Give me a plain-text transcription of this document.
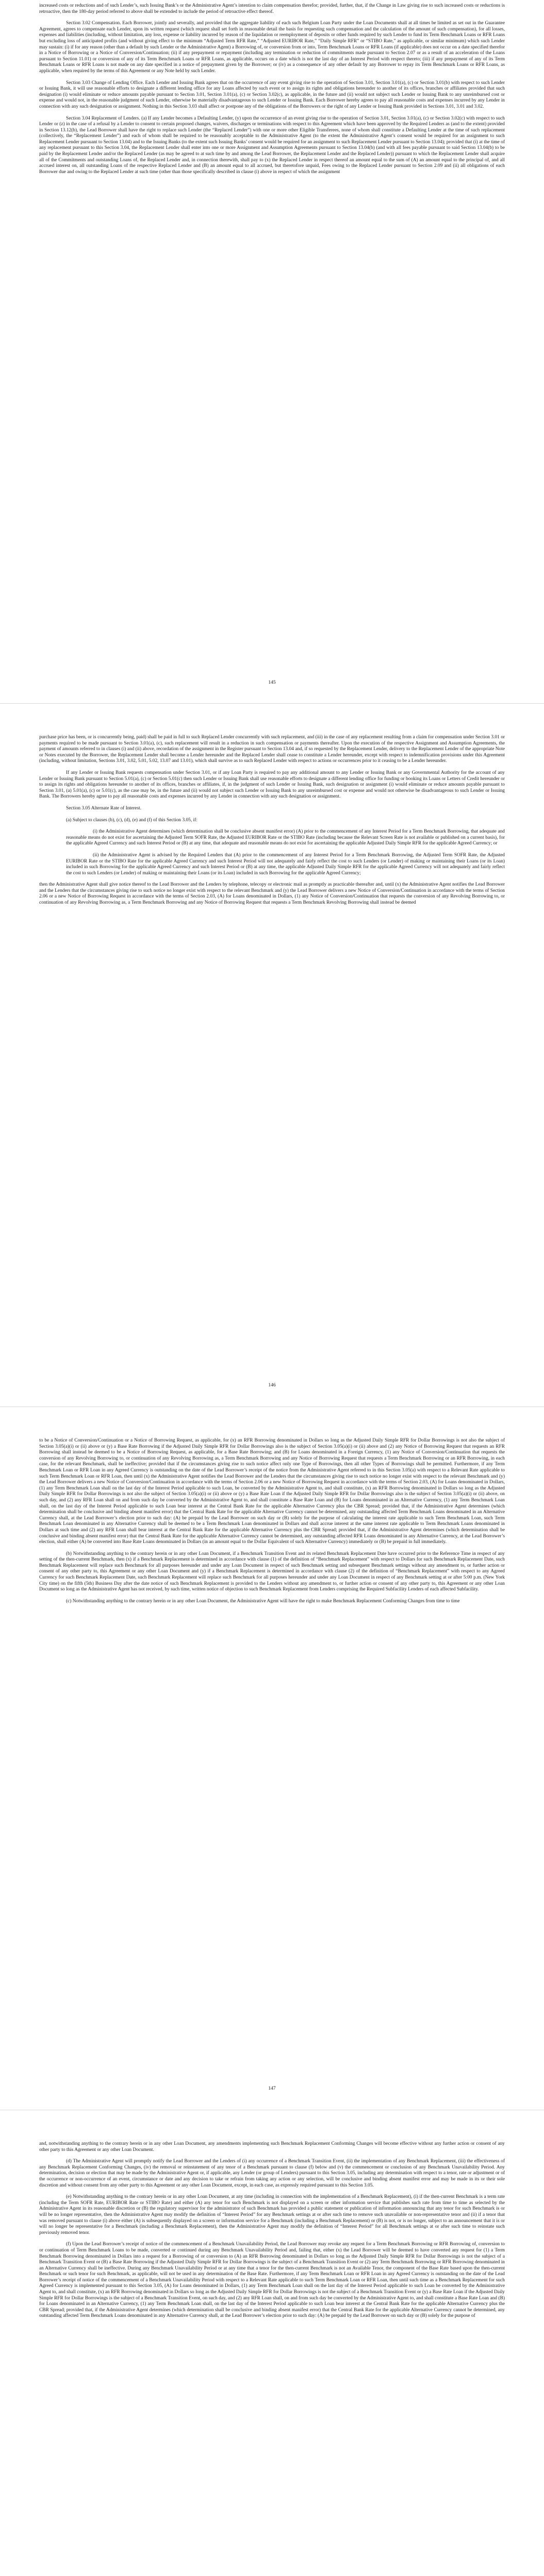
increased costs or reductions and of such Lender’s, such Issuing Bank’s or the Administrative Agent’s intention to claim compensation therefor; provided, further, that, if the Change in Law giving rise to such increased costs or reductions is retroactive, then the 180-day period referred to above shall be extended to include the period of retroactive effect thereof.

Section 3.02 Compensation. Each Borrower, jointly and severally, and provided that the aggregate liability of each such Belgium Loan Party under the Loan Documents shall at all times be limited as set out in the Guarantee Agreement, agrees to compensate each Lender, upon its written request (which request shall set forth in reasonable detail the basis for requesting such compensation and the calculation of the amount of such compensation), for all losses, expenses and liabilities (including, without limitation, any loss, expense or liability incurred by reason of the liquidation or reemployment of deposits or other funds required by such Lender to fund its Term Benchmark Loans or RFR Loans but excluding loss of anticipated profits (and without giving effect to the minimum “Adjusted Term RFR Rate,” “Adjusted EURIBOR Rate,” “Daily Simple RFR” or “STIBO Rate,” as applicable, or similar minimum) which such Lender may sustain: (i) if for any reason (other than a default by such Lender or the Administrative Agent) a Borrowing of, or conversion from or into, Term Benchmark Loans or RFR Loans (if applicable) does not occur on a date specified therefor in a Notice of Borrowing or a Notice of Conversion/Continuation; (ii) if any prepayment or repayment (including any termination or reduction of commitments made pursuant to Section 2.07 or as a result of an acceleration of the Loans pursuant to Section 11.01) or conversion of any of its Term Benchmark Loans or RFR Loans, as applicable, occurs on a date which is not the last day of an Interest Period with respect thereto; (iii) if any prepayment of any of its Term Benchmark Loans or RFR Loans is not made on any date specified in a notice of prepayment given by the Borrower; or (iv) as a consequence of any other default by any Borrower to repay its Term Benchmark Loans or RFR Loans, as applicable, when required by the terms of this Agreement or any Note held by such Lender.

Section 3.03 Change of Lending Office. Each Lender and Issuing Bank agrees that on the occurrence of any event giving rise to the operation of Section 3.01, Section 3.01(a), (c) or Section 3.01(b) with respect to such Lender or Issuing Bank, it will use reasonable efforts to designate a different lending office for any Loans affected by such event or to assign its rights and obligations hereunder to another of its offices, branches or affiliates provided that such designation (i) would eliminate or reduce amounts payable pursuant to Section 3.01, Section 3.01(a), (c) or Section 3.02(c), as applicable, in the future and (ii) would not subject such Lender or Issuing Bank to any unreimbursed cost or expense and would not, in the reasonable judgment of such Lender, otherwise be materially disadvantageous to such Lender or Issuing Bank. Each Borrower hereby agrees to pay all reasonable costs and expenses incurred by any Lender in connection with any such designation or assignment. Nothing in this Section 3.03 shall affect or postpone any of the obligations of the Borrowers or the right of any Lender or Issuing Bank provided in Sections 3.01, 3.01 and 3.02.

Section 3.04 Replacement of Lenders. (a) If any Lender becomes a Defaulting Lender, (y) upon the occurrence of an event giving rise to the operation of Section 3.01, Section 3.01(a), (c) or Section 3.02(c) with respect to such Lender or (z) in the case of a refusal by a Lender to consent to certain proposed changes, waivers, discharges or terminations with respect to this Agreement which have been approved by the Required Lenders as (and to the extent) provided in Section 13.12(b), the Lead Borrower shall have the right to replace such Lender (the “Replaced Lender”) with one or more other Eligible Transferees, none of whom shall constitute a Defaulting Lender at the time of such replacement (collectively, the “Replacement Lender”) and each of whom shall be required to be reasonably acceptable to the Administrative Agent (to the extent the Administrative Agent’s consent would be required for an assignment to such Replacement Lender pursuant to Section 13.04) and to the Issuing Banks (to the extent such Issuing Banks’ consent would be required for an assignment to such Replacement Lender pursuant to Section 13.04); provided that (i) at the time of any replacement pursuant to this Section 3.04, the Replacement Lender shall enter into one or more Assignment and Assumption Agreements pursuant to Section 13.04(b) (and with all fees payable pursuant to said Section 13.04(b) to be paid by the Replacement Lender and/or the Replaced Lender (as may be agreed to at such time by and among the Lead Borrower, the Replacement Lender and the Replaced Lender)) pursuant to which the Replacement Lender shall acquire all of the Commitments and outstanding Loans of, the Replaced Lender and, in connection therewith, shall pay to (x) the Replaced Lender in respect thereof an amount equal to the sum of (A) an amount equal to the principal of, and all accrued interest on, all outstanding Loans of the respective Replaced Lender and (B) an amount equal to all accrued, but theretofore unpaid, Fees owing to the Replaced Lender pursuant to Section 2.09 and (ii) all obligations of each Borrower due and owing to the Replaced Lender at such time (other than those specifically described in clause (i) above in respect of which the assignment

145

purchase price has been, or is concurrently being, paid) shall be paid in full to such Replaced Lender concurrently with such replacement, and (iii) in the case of any replacement resulting from a claim for compensation under Section 3.01 or payments required to be made pursuant to Section 3.01(a), (c), such replacement will result in a reduction in such compensation or payments thereafter. Upon the execution of the respective Assignment and Assumption Agreements, the payment of amounts referred to in clauses (i) and (ii) above, recordation of the assignment in the Register pursuant to Section 13.04 and, if so requested by the Replacement Lender, delivery to the Replacement Lender of the appropriate Note or Notes executed by the Borrower, the Replacement Lender shall become a Lender hereunder and the Replaced Lender shall cease to constitute a Lender hereunder, except with respect to indemnification provisions under this Agreement (including, without limitation, Sections 3.01, 3.02, 5.01, 5.02, 13.07 and 13.01), which shall survive as to such Replaced Lender with respect to actions or occurrences prior to it ceasing to be a Lender hereunder.

If any Lender or Issuing Bank requests compensation under Section 3.01, or if any Loan Party is required to pay any additional amount to any Lender or Issuing Bank or any Governmental Authority for the account of any Lender or Issuing Bank pursuant to Section 5.01(a), (c) or Section 5.01(c) then such Lender or Issuing Bank shall use reasonable efforts to designate a different lending office for funding or booking its Loans or Letters of Credit hereunder or to assign its rights and obligations hereunder to another of its offices, branches or affiliates, if, in the judgment of such Lender or Issuing Bank, such designation or assignment (i) would eliminate or reduce amounts payable pursuant to Section 3.01, (a) 5.01(a), (c) or 5.01(c), as the case may be, in the future and (ii) would not subject such Lender or Issuing Bank to any unreimbursed cost or expense and would not otherwise be disadvantageous to such Lender or Issuing Bank. The Borrowers hereby agree to pay all reasonable costs and expenses incurred by any Lender in connection with any such designation or assignment.

Section 3.05 Alternate Rate of Interest.

(a) Subject to clauses (b), (c), (d), (e) and (f) of this Section 3.05, if:

(i) the Administrative Agent determines (which determination shall be conclusive absent manifest error) (A) prior to the commencement of any Interest Period for a Term Benchmark Borrowing, that adequate and reasonable means do not exist for ascertaining the Adjusted Term SOFR Rate, the Adjusted EURIBOR Rate or the STIBO Rate (including because the Relevant Screen Rate is not available or published on a current basis), for the applicable Agreed Currency and such Interest Period or (B) at any time, that adequate and reasonable means do not exist for ascertaining the applicable Adjusted Daily Simple RFR for the applicable Agreed Currency; or

(ii) the Administrative Agent is advised by the Required Lenders that (A) prior to the commencement of any Interest Period for a Term Benchmark Borrowing, the Adjusted Term SOFR Rate, the Adjusted EURIBOR Rate or the STIBO Rate for the applicable Agreed Currency and such Interest Period will not adequately and fairly reflect the cost to such Lenders (or Lender) of making or maintaining their Loans (or its Loan) included in such Borrowing for the applicable Agreed Currency and such Interest Period or (B) at any time, the applicable Adjusted Daily Simple RFR for the applicable Agreed Currency will not adequately and fairly reflect the cost to such Lenders (or Lender) of making or maintaining their Loans (or its Loan) included in such Borrowing for the applicable Agreed Currency;

then the Administrative Agent shall give notice thereof to the Lead Borrower and the Lenders by telephone, telecopy or electronic mail as promptly as practicable thereafter and, until (x) the Administrative Agent notifies the Lead Borrower and the Lenders that the circumstances giving rise to such notice no longer exist with respect to the relevant Benchmark and (y) the Lead Borrower delivers a new Notice of Conversion/Continuation in accordance with the terms of Section 2.06 or a new Notice of Borrowing Request in accordance with the terms of Section 2.03, (A) for Loans denominated in Dollars, (1) any Notice of Conversion/Continuation that requests the conversion of any Revolving Borrowing to, or continuation of any Revolving Borrowing as, a Term Benchmark Borrowing and any Notice of Borrowing Request that requests a Term Benchmark Revolving Borrowing shall instead be deemed

146

to be a Notice of Conversion/Continuation or a Notice of Borrowing Request, as applicable, for (x) an RFR Borrowing denominated in Dollars so long as the Adjusted Daily Simple RFR for Dollar Borrowings is not also the subject of Section 3.05(a)(i) or (ii) above or (y) a Base Rate Borrowing if the Adjusted Daily Simple RFR for Dollar Borrowings also is the subject of Section 3.05(a)(i) or (ii) above and (2) any Notice of Borrowing Request that requests an RFR Borrowing shall instead be deemed to be a Notice of Borrowing Request, as applicable, for a Base Rate Borrowing; and (B) for Loans denominated in a Foreign Currency, (1) any Notice of Conversion/Continuation that requests the conversion of any Revolving Borrowing to, or continuation of any Revolving Borrowing as, a Term Benchmark Borrowing and any Notice of Borrowing Request that requests a Term Benchmark Borrowing or an RFR Borrowing, in each case, for the relevant Benchmark, shall be ineffective; provided that if the circumstances giving rise to such notice affect only one Type of Borrowings, then all other Types of Borrowings shall be permitted. Furthermore, if any Term Benchmark Loan or RFR Loan in any Agreed Currency is outstanding on the date of the Lead Borrower’s receipt of the notice from the Administrative Agent referred to in this Section 3.05(a) with respect to a Relevant Rate applicable to such Term Benchmark Loan or RFR Loan, then until (x) the Administrative Agent notifies the Lead Borrower and the Lenders that the circumstances giving rise to such notice no longer exist with respect to the relevant Benchmark and (y) the Lead Borrower delivers a new Notice of Conversion/Continuation in accordance with the terms of Section 2.06 or a new Notice of Borrowing Request in accordance with the terms of Section 2.03, (A) for Loans denominated in Dollars, (1) any Term Benchmark Loan shall on the last day of the Interest Period applicable to such Loan, be converted by the Administrative Agent to, and shall constitute, (x) an RFR Borrowing denominated in Dollars so long as the Adjusted Daily Simple RFR for Dollar Borrowings is not also the subject of Section 3.05(a)(i) or (ii) above or (y) a Base Rate Loan if the Adjusted Daily Simple RFR for Dollar Borrowings also is the subject of Section 3.05(a)(i) or (ii) above, on such day, and (2) any RFR Loan shall on and from such day be converted by the Administrative Agent to, and shall constitute a Base Rate Loan and (B) for Loans denominated in an Alternative Currency, (1) any Term Benchmark Loan shall, on the last day of the Interest Period applicable to such Loan bear interest at the Central Bank Rate for the applicable Alternative Currency plus the CBR Spread; provided that, if the Administrative Agent determines (which determination shall be conclusive and binding absent manifest error) that the Central Bank Rate for the applicable Alternative Currency cannot be determined, any outstanding affected Term Benchmark Loans denominated in an Alternative Currency shall, at the Lead Borrower’s election prior to such day: (A) be prepaid by the Lead Borrower on such day or (B) solely for the purpose of calculating the interest rate applicable to such Term Benchmark Loan, such Term Benchmark Loan denominated in any Alternative Currency shall be deemed to be a Term Benchmark Loan denominated in Dollars and shall accrue interest at the same interest rate applicable to Term Benchmark Loans denominated in Dollars at such time and (2) any RFR Loan shall bear interest at the Central Bank Rate for the applicable Alternative Currency plus the CBR Spread; provided that, if the Administrative Agent determines (which determination shall be conclusive and binding absent manifest error) that the Central Bank Rate for the applicable Alternative Currency cannot be determined, any outstanding affected RFR Loans denominated in any Alternative Currency, at the Lead Borrower’s election, shall either (A) be converted into Base Rate Loans denominated in Dollars (in an amount equal to the Dollar Equivalent of such Alternative Currency) immediately or (B) be prepaid in full immediately.

(b) Notwithstanding anything to the contrary herein or in any other Loan Document, if a Benchmark Transition Event and its related Benchmark Replacement Date have occurred prior to the Reference Time in respect of any setting of the then-current Benchmark, then (x) if a Benchmark Replacement is determined in accordance with clause (1) of the definition of “Benchmark Replacement” with respect to Dollars for such Benchmark Replacement Date, such Benchmark Replacement will replace such Benchmark for all purposes hereunder and under any Loan Document in respect of such Benchmark setting and subsequent Benchmark settings without any amendment to, or further action or consent of any other party to, this Agreement or any other Loan Document and (y) if a Benchmark Replacement is determined in accordance with clause (2) of the definition of “Benchmark Replacement” with respect to any Agreed Currency for such Benchmark Replacement Date, such Benchmark Replacement will replace such Benchmark for all purposes hereunder and under any Loan Document in respect of any Benchmark setting at or after 5:00 p.m. (New York City time) on the fifth (5th) Business Day after the date notice of such Benchmark Replacement is provided to the Lenders without any amendment to, or further action or consent of any other party to, this Agreement or any other Loan Document so long as the Administrative Agent has not received, by such time, written notice of objection to such Benchmark Replacement from Lenders comprising the Required Subfacility Lenders of each affected Subfacility.

(c) Notwithstanding anything to the contrary herein or in any other Loan Document, the Administrative Agent will have the right to make Benchmark Replacement Conforming Changes from time to time

147

and, notwithstanding anything to the contrary herein or in any other Loan Document, any amendments implementing such Benchmark Replacement Conforming Changes will become effective without any further action or consent of any other party to this Agreement or any other Loan Document.

(d) The Administrative Agent will promptly notify the Lead Borrower and the Lenders of (i) any occurrence of a Benchmark Transition Event, (ii) the implementation of any Benchmark Replacement, (iii) the effectiveness of any Benchmark Replacement Conforming Changes, (iv) the removal or reinstatement of any tenor of a Benchmark pursuant to clause (f) below and (v) the commencement or conclusion of any Benchmark Unavailability Period. Any determination, decision or election that may be made by the Administrative Agent or, if applicable, any Lender (or group of Lenders) pursuant to this Section 3.05, including any determination with respect to a tenor, rate or adjustment or of the occurrence or non-occurrence of an event, circumstance or date and any decision to take or refrain from taking any action or any selection, will be conclusive and binding absent manifest error and may be made in its or their sole discretion and without consent from any other party to this Agreement or any other Loan Document, except, in each case, as expressly required pursuant to this Section 3.05.

(e) Notwithstanding anything to the contrary herein or in any other Loan Document, at any time (including in connection with the implementation of a Benchmark Replacement), (i) if the then-current Benchmark is a term rate (including the Term SOFR Rate, EURIBOR Rate or STIBO Rate) and either (A) any tenor for such Benchmark is not displayed on a screen or other information service that publishes such rate from time to time as selected by the Administrative Agent in its reasonable discretion or (B) the regulatory supervisor for the administrator of such Benchmark has provided a public statement or publication of information announcing that any tenor for such Benchmark is or will be no longer representative, then the Administrative Agent may modify the definition of “Interest Period” for any Benchmark settings at or after such time to remove such unavailable or non-representative tenor and (ii) if a tenor that was removed pursuant to clause (i) above either (A) is subsequently displayed on a screen or information service for a Benchmark (including a Benchmark Replacement) or (B) is not, or is no longer, subject to an announcement that it is or will no longer be representative for a Benchmark (including a Benchmark Replacement), then the Administrative Agent may modify the definition of “Interest Period” for all Benchmark settings at or after such time to reinstate such previously removed tenor.

(f) Upon the Lead Borrower’s receipt of notice of the commencement of a Benchmark Unavailability Period, the Lead Borrower may revoke any request for a Term Benchmark Borrowing or RFR Borrowing of, conversion to or continuation of Term Benchmark Loans to be made, converted or continued during any Benchmark Unavailability Period and, failing that, either (x) the Lead Borrower will be deemed to have converted any request for (1) a Term Benchmark Borrowing denominated in Dollars into a request for a Borrowing of or conversion to (A) an RFR Borrowing denominated in Dollars so long as the Adjusted Daily Simple RFR for Dollar Borrowings is not the subject of a Benchmark Transition Event or (B) a Base Rate Borrowing if the Adjusted Daily Simple RFR for Dollar Borrowings is the subject of a Benchmark Transition Event or (2) any Term Benchmark Borrowing or RFR Borrowing denominated in an Alternative Currency shall be ineffective. During any Benchmark Unavailability Period or at any time that a tenor for the then-current Benchmark is not an Available Tenor, the component of the Base Rate based upon the then-current Benchmark or such tenor for such Benchmark, as applicable, will not be used in any determination of the Base Rate. Furthermore, if any Term Benchmark Loan or RFR Loan in any Agreed Currency is outstanding on the date of the Lead Borrower’s receipt of notice of the commencement of a Benchmark Unavailability Period with respect to a Relevant Rate applicable to such Term Benchmark Loan or RFR Loan, then until such time as a Benchmark Replacement for such Agreed Currency is implemented pursuant to this Section 3.05, (A) for Loans denominated in Dollars, (1) any Term Benchmark Loan shall on the last day of the Interest Period applicable to such Loan be converted by the Administrative Agent to, and shall constitute, (x) an RFR Borrowing denominated in Dollars so long as the Adjusted Daily Simple RFR for Dollar Borrowings is not the subject of a Benchmark Transition Event or (y) a Base Rate Loan if the Adjusted Daily Simple RFR for Dollar Borrowings is the subject of a Benchmark Transition Event, on such day, and (2) any RFR Loan shall, on and from such day be converted by the Administrative Agent to, and shall constitute a Base Rate Loan and (B) for Loans denominated in an Alternative Currency, (1) any Term Benchmark Loan shall, on the last day of the Interest Period applicable to such Loan bear interest at the Central Bank Rate for the applicable Alternative Currency plus the CBR Spread; provided that, if the Administrative Agent determines (which determination shall be conclusive and binding absent manifest error) that the Central Bank Rate for the applicable Alternative Currency cannot be determined, any outstanding affected Term Benchmark Loans denominated in any Alternative Currency shall, at the Lead Borrower’s election prior to such day: (A) be prepaid by the Lead Borrower on such day or (B) solely for the purpose of
